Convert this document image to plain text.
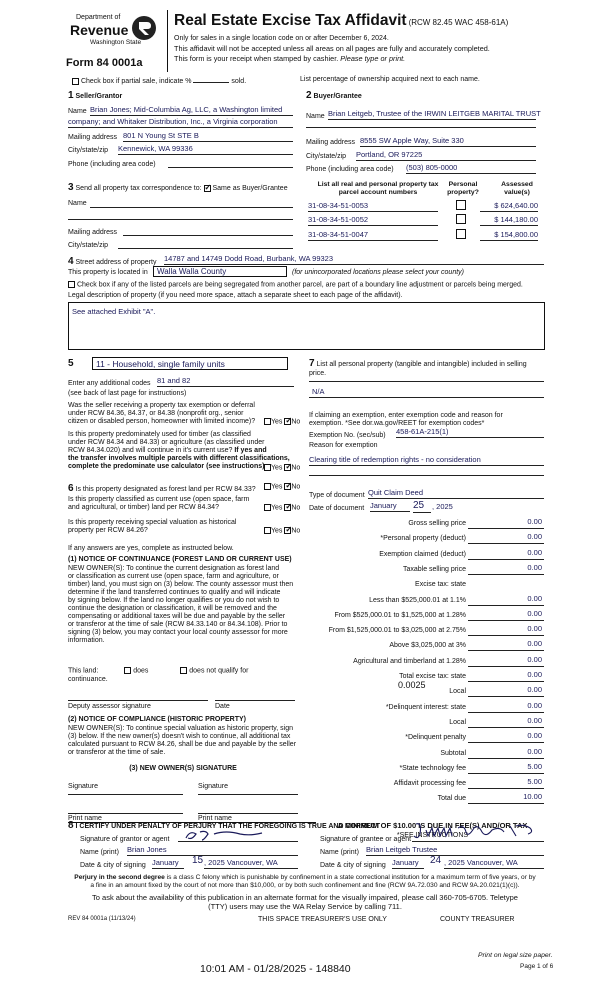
Department of
Revenue
Washington State
Form 84 0001a
Real Estate Excise Tax Affidavit (RCW 82.45 WAC 458-61A)
Only for sales in a single location code on or after December 6, 2024.
This affidavit will not be accepted unless all areas on all pages are fully and accurately completed.
This form is your receipt when stamped by cashier. Please type or print.
Check box if partial sale, indicate %	sold.	List percentage of ownership acquired next to each name.
1 Seller/Grantor
Name Brian Jones; Mid-Columbia Ag, LLC, a Washington limited
company; and Whitaker Distribution, Inc., a Virginia corporation
Mailing address 801 N Young St STE B
City/state/zip Kennewick, WA 99336
Phone (including area code)
2 Buyer/Grantee
Name Brian Leitgeb, Trustee of the IRWIN LEITGEB MARITAL TRUST
Mailing address 8555 SW Apple Way, Suite 330
City/state/zip Portland, OR 97225
Phone (including area code) (503) 805-0000
3 Send all property tax correspondence to: ✓ Same as Buyer/Grantee
Name
Mailing address
City/state/zip
List all real and personal property tax parcel account numbers
Personal property?
Assessed value(s)
31-08-34-51-0053	$ 624,640.00
31-08-34-51-0052	$ 144,180.00
31-08-34-51-0047	$ 154,800.00
4 Street address of property 14787 and 14749 Dodd Road, Burbank, WA 99323
This property is located in	Walla Walla County	(for unincorporated locations please select your county)
Check box if any of the listed parcels are being segregated from another parcel, are part of a boundary line adjustment or parcels being merged.
Legal description of property (if you need more space, attach a separate sheet to each page of the affidavit).
See attached Exhibit "A".
5	11 - Household, single family units
Enter any additional codes 81 and 82
(see back of last page for instructions)
Was the seller receiving a property tax exemption or deferral
under RCW 84.36, 84.37, or 84.38 (nonprofit org., senior
citizen or disabled person, homeowner with limited income)?	Yes ✓ No
Is this property predominately used for timber (as classified
under RCW 84.34 and 84.33) or agriculture (as classified under
RCW 84.34.020) and will continue in it's current use? If yes and
the transfer involves multiple parcels with different classifications,
complete the predominate use calculator (see instructions) Yes ✓ No
6 Is this property designated as forest land per RCW 84.33?	Yes ✓ No
Is this property classified as current use (open space, farm
and agricultural, or timber) land per RCW 84.34?	Yes ✓ No
Is this property receiving special valuation as historical
property per RCW 84.26?	Yes ✓ No
If any answers are yes, complete as instructed below.
(1) NOTICE OF CONTINUANCE (FOREST LAND OR CURRENT USE)
NEW OWNER(S): To continue the current designation as forest land
or classification as current use (open space, farm and agriculture, or
timber) land, you must sign on (3) below. The county assessor must then
determine if the land transferred continues to qualify and will indicate
by signing below. If the land no longer qualifies or you do not wish to
continue the designation or classification, it will be removed and the
compensating or additional taxes will be due and payable by the seller
or transferor at the time of sale (RCW 84.33.140 or 84.34.108). Prior to
signing (3) below, you may contact your local county assessor for more
information.
This land:	does	does not qualify for
continuance.
Deputy assessor signature	Date
(2) NOTICE OF COMPLIANCE (HISTORIC PROPERTY)
NEW OWNER(S): To continue special valuation as historic property, sign
(3) below. If the new owner(s) doesn't wish to continue, all additional tax
calculated pursuant to RCW 84.26, shall be due and payable by the seller
or transferor at the time of sale.
(3) NEW OWNER(S) SIGNATURE
Signature	Signature
Print name	Print name
7 List all personal property (tangible and intangible) included in selling price.
N/A
If claiming an exemption, enter exemption code and reason for
exemption. *See dor.wa.gov/REET for exemption codes*
Exemption No. (sec/sub) 458-61A-215(1)
Reason for exemption
Clearing title of redemption rights - no consideration
Type of document Quit Claim Deed
Date of document January	25	, 2025
Gross selling price	0.00
*Personal property (deduct)	0.00
Exemption claimed (deduct)	0.00
Taxable selling price	0.00
Excise tax: state
Less than $525,000.01 at 1.1%	0.00
From $525,000.01 to $1,525,000 at 1.28%	0.00
From $1,525,000.01 to $3,025,000 at 2.75%	0.00
Above $3,025,000 at 3%	0.00
Agricultural and timberland at 1.28%	0.00
Total excise tax: state	0.00
Local	0.00
*Delinquent interest: state	0.00
Local	0.00
*Delinquent penalty	0.00
Subtotal	0.00
*State technology fee	5.00
Affidavit processing fee	5.00
Total due	10.00
0.0025
A MINIMUM OF $10.00 IS DUE IN FEE(S) AND/OR TAX
*SEE INSTRUCTIONS
8 I CERTIFY UNDER PENALTY OF PERJURY THAT THE FOREGOING IS TRUE AND CORRECT
Signature of grantor or agent
Name (print) Brian Jones
Date & city of signing January	15 , 2025 Vancouver, WA
Signature of grantee or agent
Name (print) Brian Leitgeb Trustee
Date & city of signing January	24 , 2025 Vancouver, WA
Perjury in the second degree is a class C felony which is punishable by confinement in a state correctional institution for a maximum term of five years, or by
a fine in an amount fixed by the court of not more than $10,000, or by both such confinement and fine (RCW 9A.72.030 and RCW 9A.20.021(1)(c)).
To ask about the availability of this publication in an alternate format for the visually impaired, please call 360-705-6705. Teletype
(TTY) users may use the WA Relay Service by calling 711.
REV 84 0001a (11/13/24)	THIS SPACE TREASURER'S USE ONLY	COUNTY TREASURER
Print on legal size paper.
Page 1 of 6
10:01 AM - 01/28/2025 - 148840
